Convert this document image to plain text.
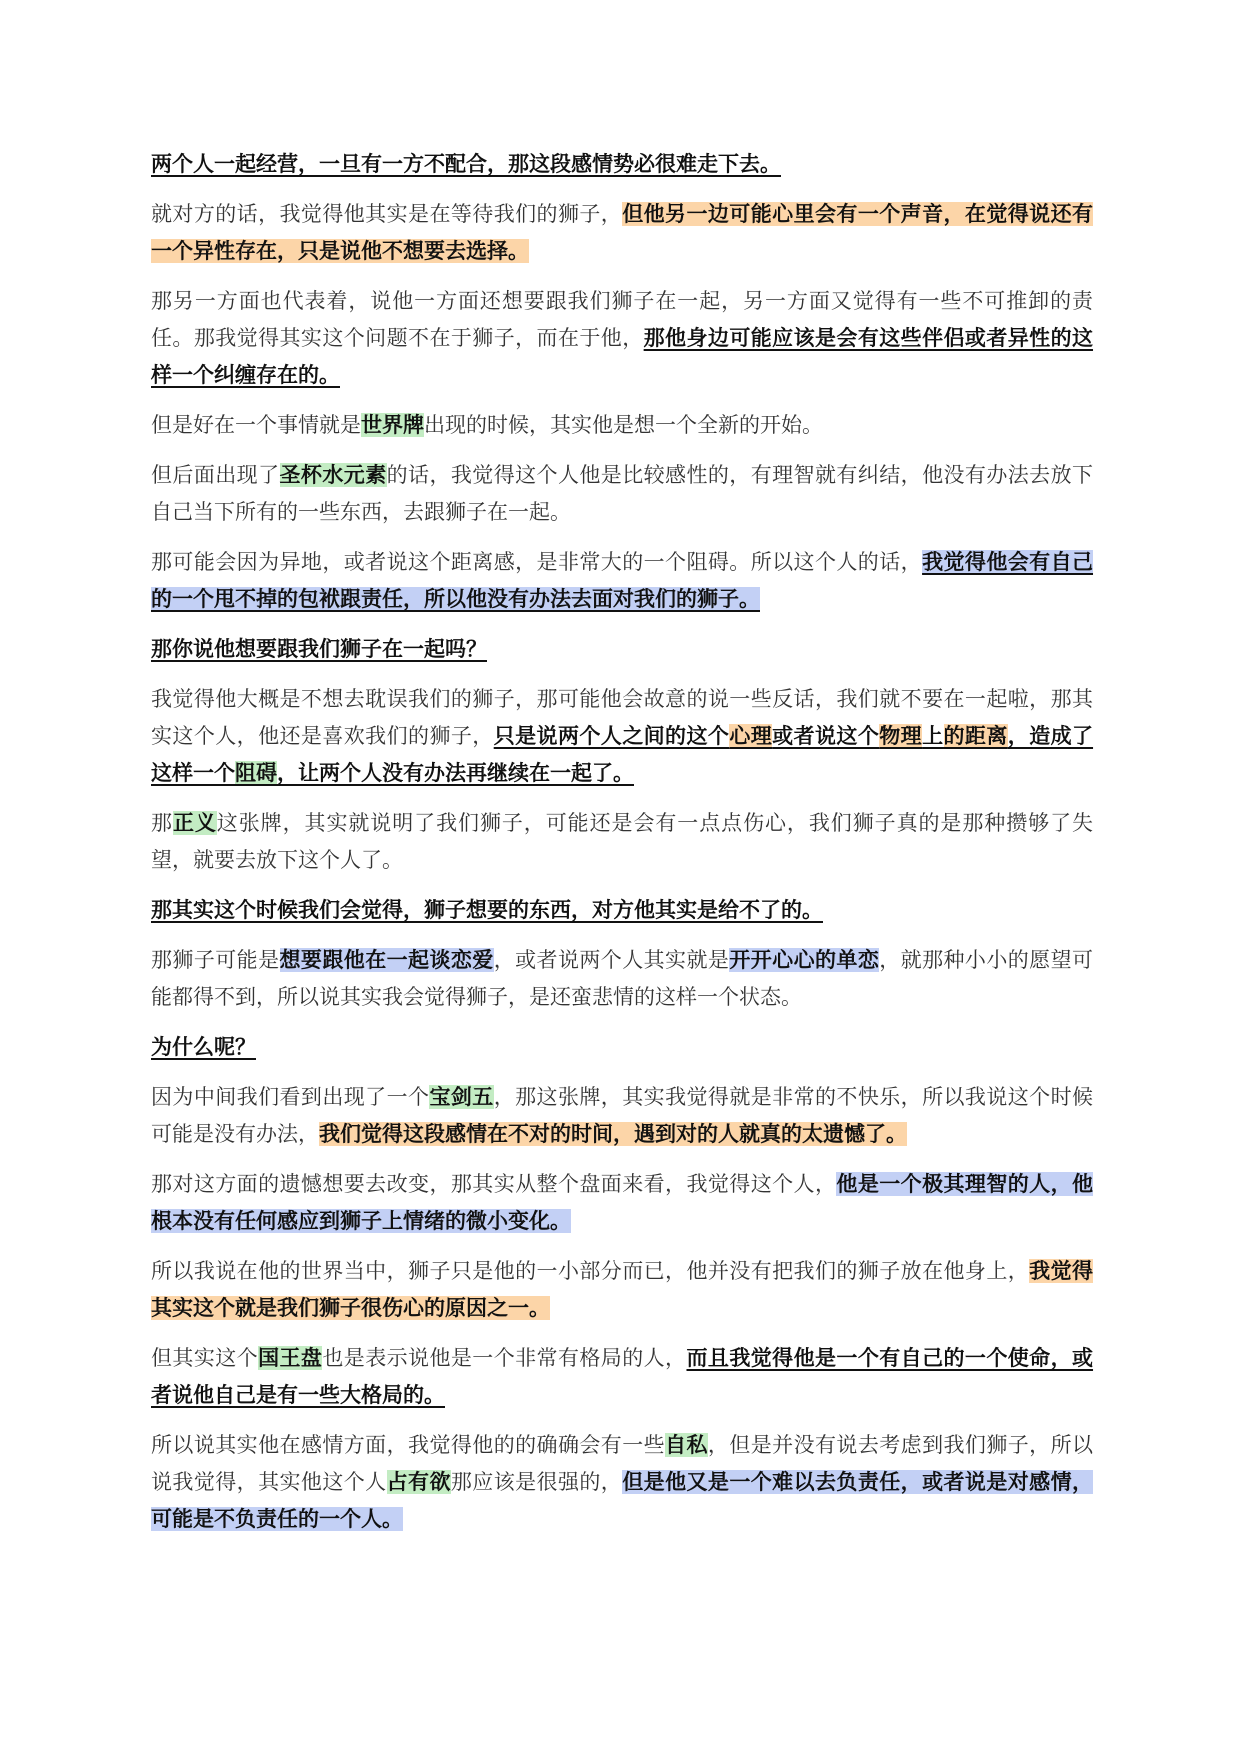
两个人一起经营，一旦有一方不配合，那这段感情势必很难走下去。

就对方的话，我觉得他其实是在等待我们的狮子，但他另一边可能心里会有一个声音，在觉得说还有一个异性存在，只是说他不想要去选择。

那另一方面也代表着，说他一方面还想要跟我们狮子在一起，另一方面又觉得有一些不可推卸的责任。那我觉得其实这个问题不在于狮子，而在于他，那他身边可能应该是会有这些伴侣或者异性的这样一个纠缠存在的。

但是好在一个事情就是世界牌出现的时候，其实他是想一个全新的开始。

但后面出现了圣杯水元素的话，我觉得这个人他是比较感性的，有理智就有纠结，他没有办法去放下自己当下所有的一些东西，去跟狮子在一起。

那可能会因为异地，或者说这个距离感，是非常大的一个阻碍。所以这个人的话，我觉得他会有自己的一个甩不掉的包袱跟责任，所以他没有办法去面对我们的狮子。

那你说他想要跟我们狮子在一起吗？

我觉得他大概是不想去耽误我们的狮子，那可能他会故意的说一些反话，我们就不要在一起啦，那其实这个人，他还是喜欢我们的狮子，只是说两个人之间的这个心理或者说这个物理上的距离，造成了这样一个阻碍，让两个人没有办法再继续在一起了。

那正义这张牌，其实就说明了我们狮子，可能还是会有一点点伤心，我们狮子真的是那种攒够了失望，就要去放下这个人了。

那其实这个时候我们会觉得，狮子想要的东西，对方他其实是给不了的。

那狮子可能是想要跟他在一起谈恋爱，或者说两个人其实就是开开心心的单恋，就那种小小的愿望可能都得不到，所以说其实我会觉得狮子，是还蛮悲情的这样一个状态。

为什么呢？

因为中间我们看到出现了一个宝剑五，那这张牌，其实我觉得就是非常的不快乐，所以我说这个时候可能是没有办法，我们觉得这段感情在不对的时间，遇到对的人就真的太遗憾了。

那对这方面的遗憾想要去改变，那其实从整个盘面来看，我觉得这个人，他是一个极其理智的人，他根本没有任何感应到狮子上情绪的微小变化。

所以我说在他的世界当中，狮子只是他的一小部分而已，他并没有把我们的狮子放在他身上，我觉得其实这个就是我们狮子很伤心的原因之一。

但其实这个国王盘也是表示说他是一个非常有格局的人，而且我觉得他是一个有自己的一个使命，或者说他自己是有一些大格局的。

所以说其实他在感情方面，我觉得他的的确确会有一些自私，但是并没有说去考虑到我们狮子，所以说我觉得，其实他这个人占有欲那应该是很强的，但是他又是一个难以去负责任，或者说是对感情，可能是不负责任的一个人。
